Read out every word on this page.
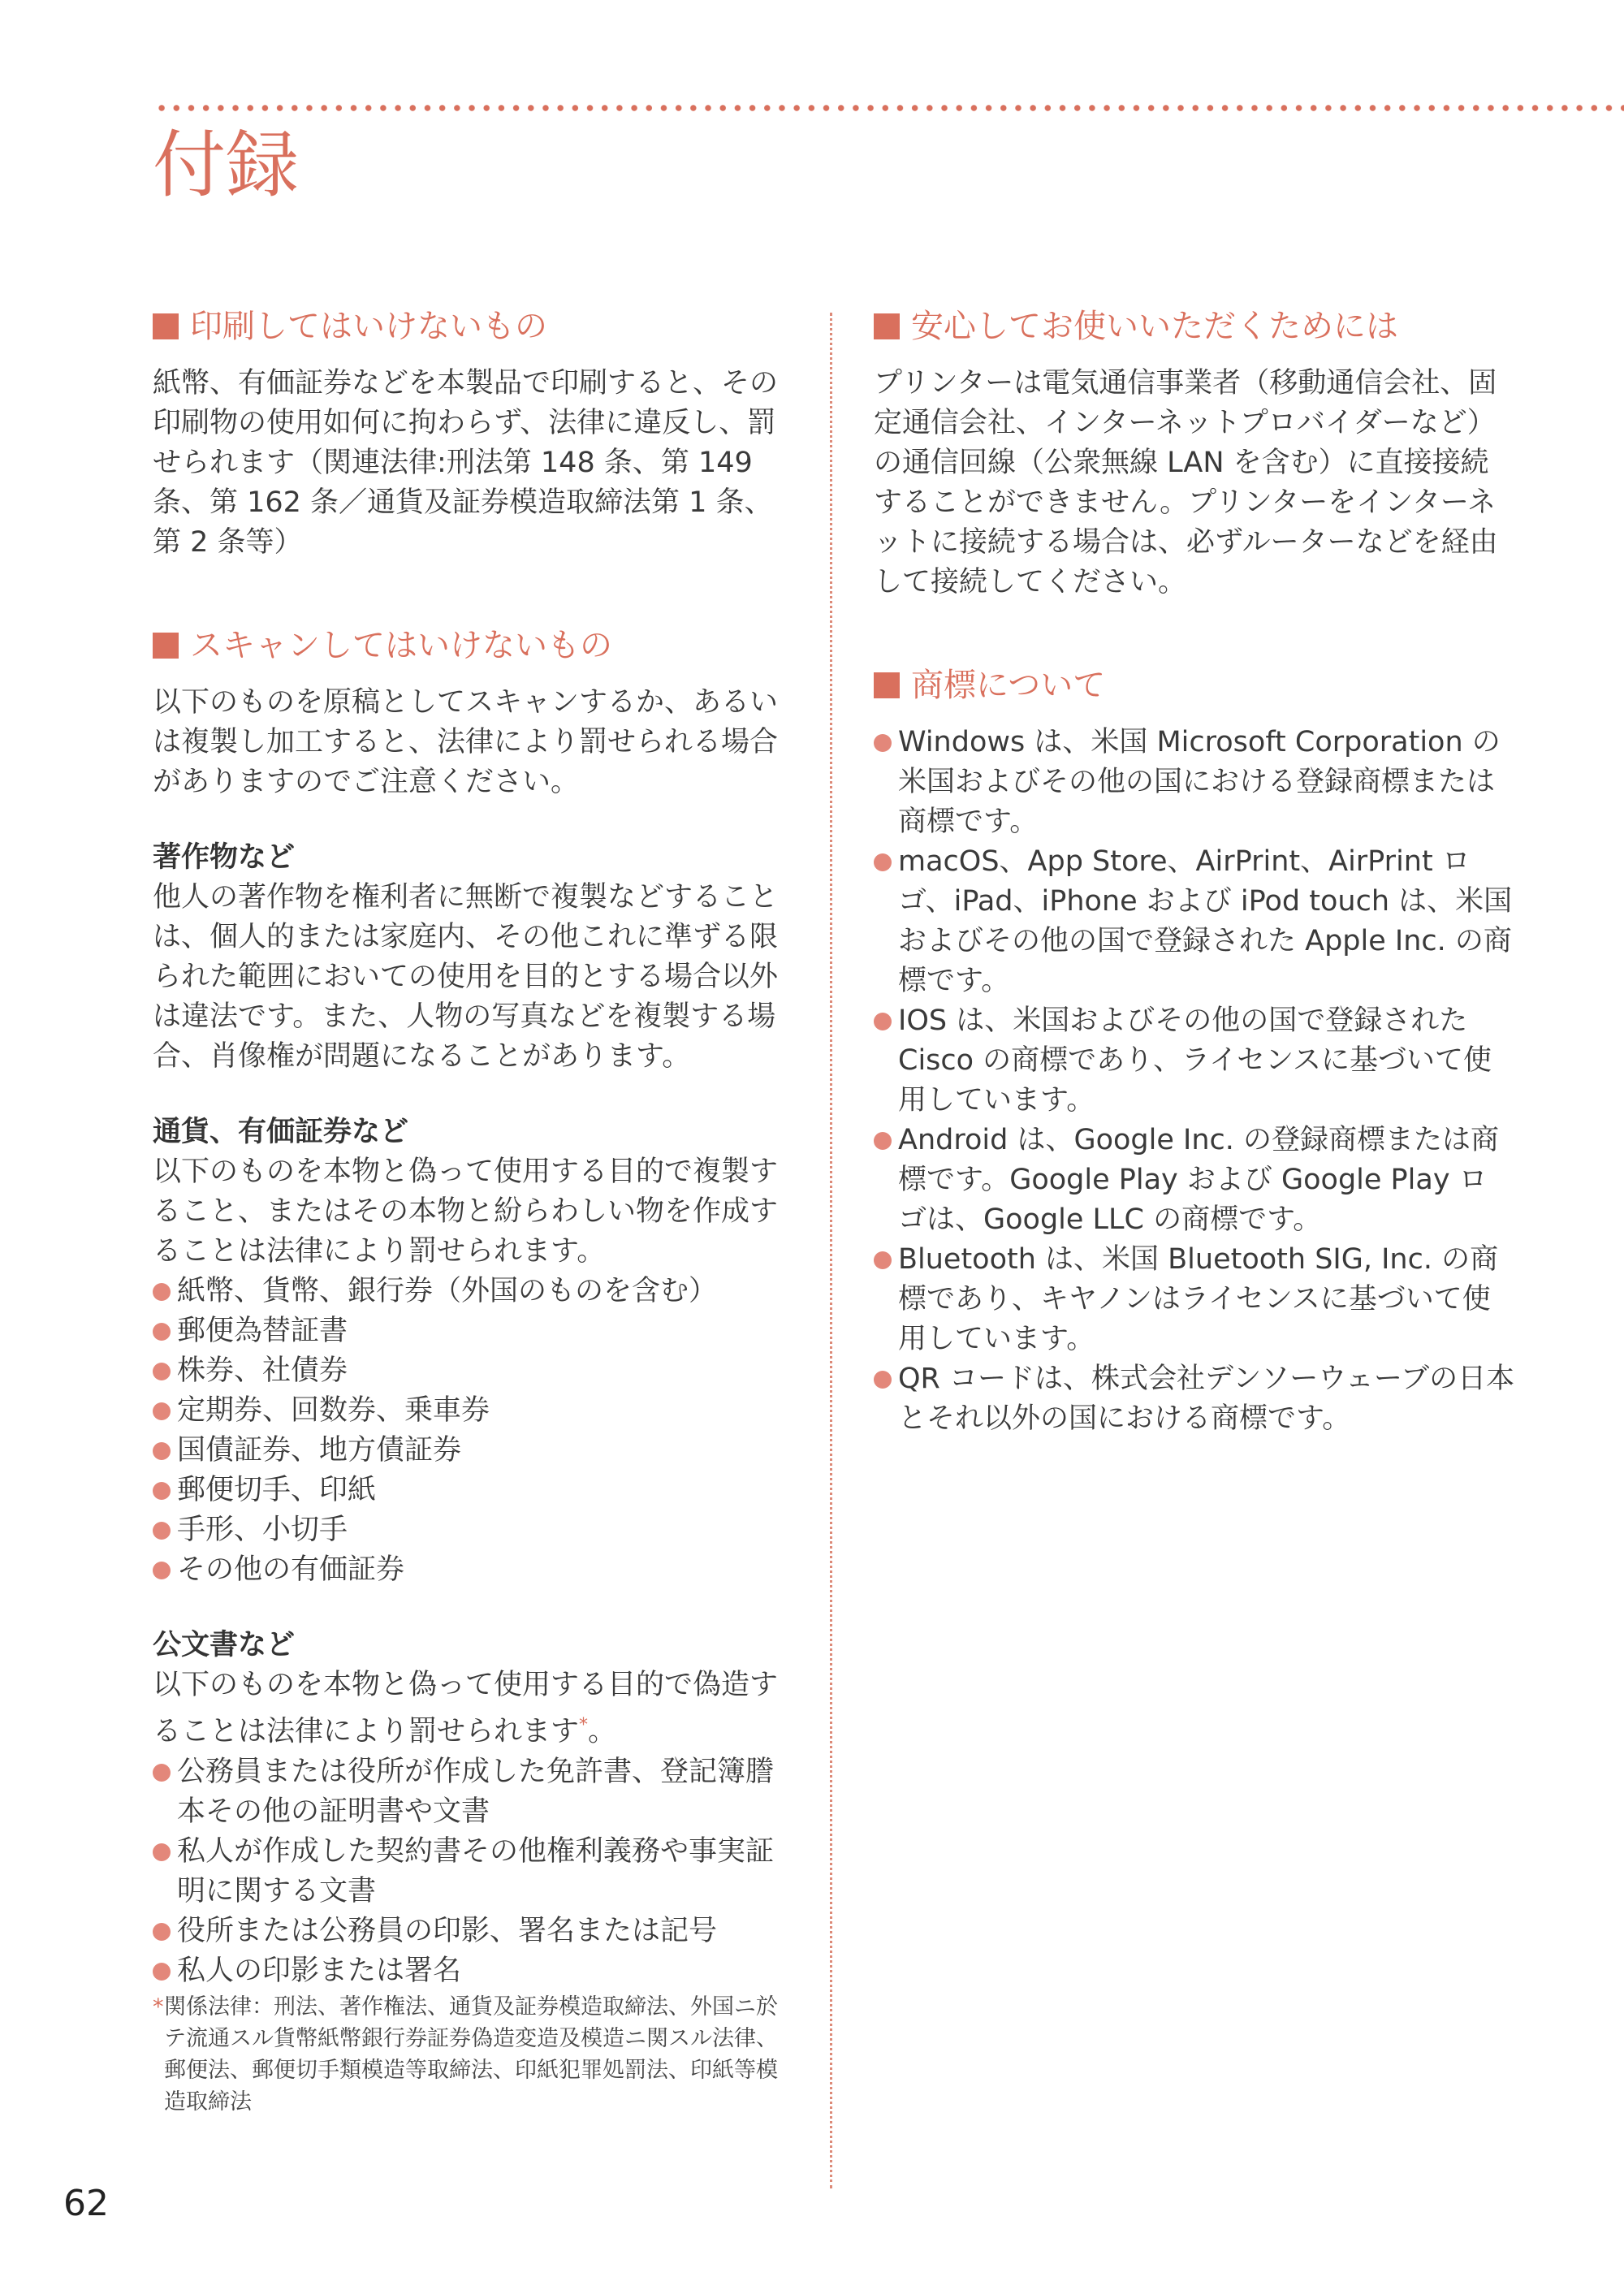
付録
印刷してはいけないもの

紙幣、有価証券などを本製品で印刷すると、その印刷物の使用如何に拘わらず、法律に違反し、罰せられます（関連法律:刑法第 148 条、第 149 条、第 162 条／通貨及証券模造取締法第 1 条、第 2 条等）

スキャンしてはいけないもの

以下のものを原稿としてスキャンするか、あるいは複製し加工すると、法律により罰せられる場合がありますのでご注意ください。

著作物など

他人の著作物を権利者に無断で複製などすることは、個人的または家庭内、その他これに準ずる限られた範囲においての使用を目的とする場合以外は違法です。また、人物の写真などを複製する場合、肖像権が問題になることがあります。

通貨、有価証券など

以下のものを本物と偽って使用する目的で複製すること、またはその本物と紛らわしい物を作成することは法律により罰せられます。

紙幣、貨幣、銀行券（外国のものを含む）
郵便為替証書
株券、社債券
定期券、回数券、乗車券
国債証券、地方債証券
郵便切手、印紙
手形、小切手
その他の有価証券

公文書など

以下のものを本物と偽って使用する目的で偽造することは法律により罰せられます*。

公務員または役所が作成した免許書、登記簿謄本その他の証明書や文書
私人が作成した契約書その他権利義務や事実証明に関する文書
役所または公務員の印影、署名または記号
私人の印影または署名
* 関係法律：刑法、著作権法、通貨及証券模造取締法、外国ニ於テ流通スル貨幣紙幣銀行券証券偽造変造及模造ニ関スル法律、郵便法、郵便切手類模造等取締法、印紙犯罪処罰法、印紙等模造取締法
安心してお使いいただくためには

プリンターは電気通信事業者（移動通信会社、固定通信会社、インターネットプロバイダーなど）の通信回線（公衆無線 LAN を含む）に直接接続することができません。プリンターをインターネットに接続する場合は、必ずルーターなどを経由して接続してください。

商標について
Windows は、米国 Microsoft Corporation の米国およびその他の国における登録商標または商標です。
macOS、App Store、AirPrint、AirPrint ロゴ、iPad、iPhone および iPod touch は、米国およびその他の国で登録された Apple Inc. の商標です。
IOS は、米国およびその他の国で登録された Cisco の商標であり、ライセンスに基づいて使用しています。
Android は、Google Inc. の登録商標または商標です。Google Play および Google Play ロゴは、Google LLC の商標です。
Bluetooth は、米国 Bluetooth SIG, Inc. の商標であり、キヤノンはライセンスに基づいて使用しています。
QR コードは、株式会社デンソーウェーブの日本とそれ以外の国における商標です。
62
